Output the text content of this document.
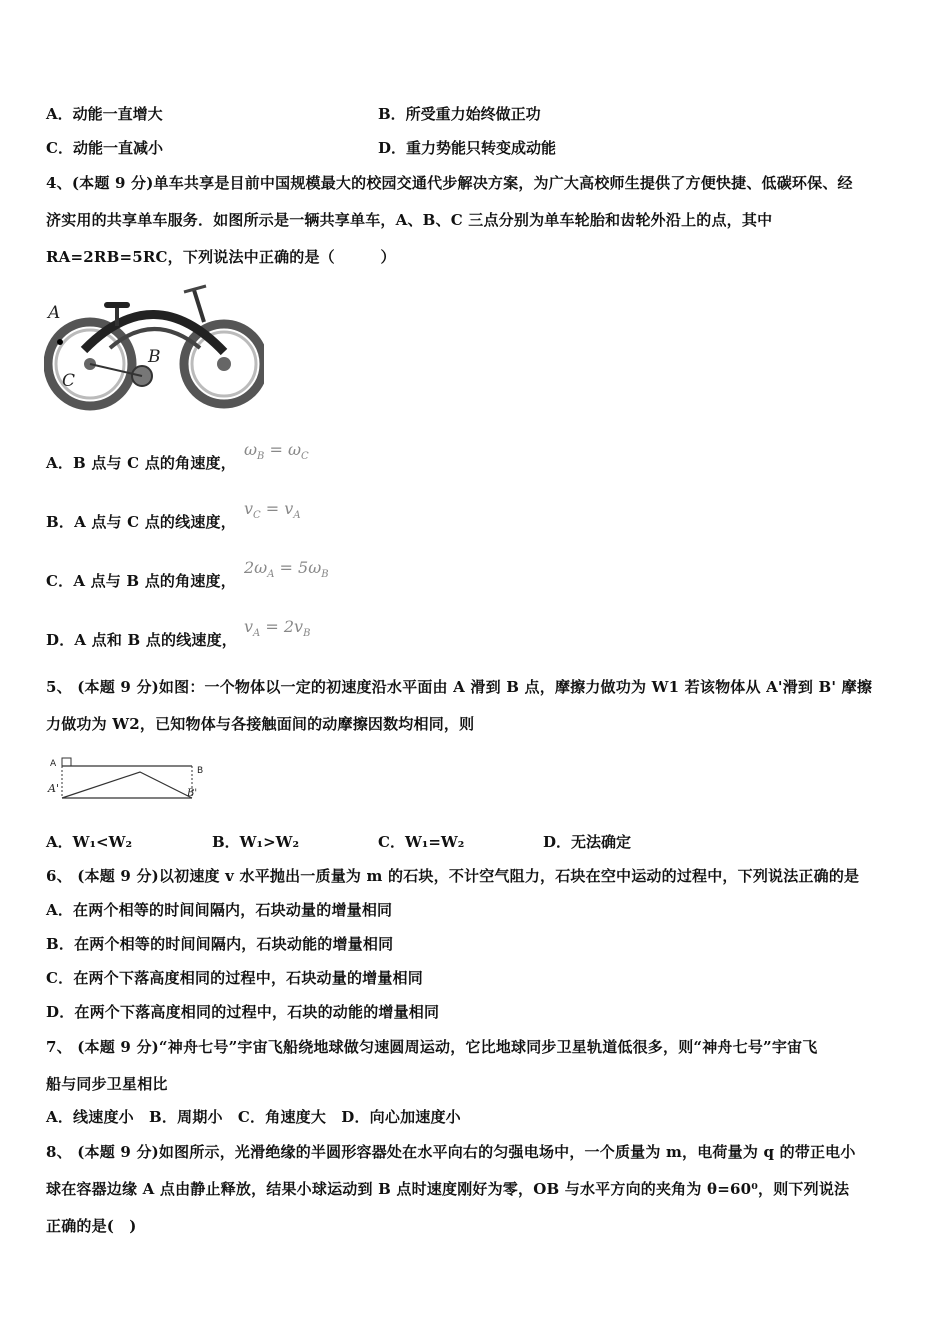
A．动能一直增大	B．所受重力始终做正功
C．动能一直减小	D．重力势能只转变成动能
4、(本题 9 分)单车共享是目前中国规模最大的校园交通代步解决方案，为广大高校师生提供了方便快捷、低碳环保、经
济实用的共享单车服务．如图所示是一辆共享单车，A、B、C 三点分别为单车轮胎和齿轮外沿上的点，其中
RA=2RB=5RC，下列说法中正确的是（　　　）
A
B
C
A．B 点与 C 点的角速度，
$\omega_B = \omega_C$
B．A 点与 C 点的线速度，
$v_C = v_A$
C．A 点与 B 点的角速度，
$2\omega_A = 5\omega_B$
D．A 点和 B 点的线速度，
$v_A = 2v_B$
5、 (本题 9 分)如图：一个物体以一定的初速度沿水平面由 A 滑到 B 点，摩擦力做功为 W1 若该物体从 A'滑到 B' 摩擦
力做功为 W2，已知物体与各接触面间的动摩擦因数均相同，则
A
B
A'	B'
A．W₁<W₂	B．W₁>W₂	C．W₁=W₂	D．无法确定
6、 (本题 9 分)以初速度 v 水平抛出一质量为 m 的石块，不计空气阻力，石块在空中运动的过程中，下列说法正确的是
A．在两个相等的时间间隔内，石块动量的增量相同
B．在两个相等的时间间隔内，石块动能的增量相同
C．在两个下落高度相同的过程中，石块动量的增量相同
D．在两个下落高度相同的过程中，石块的动能的增量相同
7、 (本题 9 分)“神舟七号”宇宙飞船绕地球做匀速圆周运动，它比地球同步卫星轨道低很多，则“神舟七号”宇宙飞
船与同步卫星相比
A．线速度小　B．周期小　C．角速度大　D．向心加速度小
8、 (本题 9 分)如图所示，光滑绝缘的半圆形容器处在水平向右的匀强电场中，一个质量为 m，电荷量为 q 的带正电小
球在容器边缘 A 点由静止释放，结果小球运动到 B 点时速度刚好为零，OB 与水平方向的夹角为 θ=60⁰，则下列说法
正确的是(　)
